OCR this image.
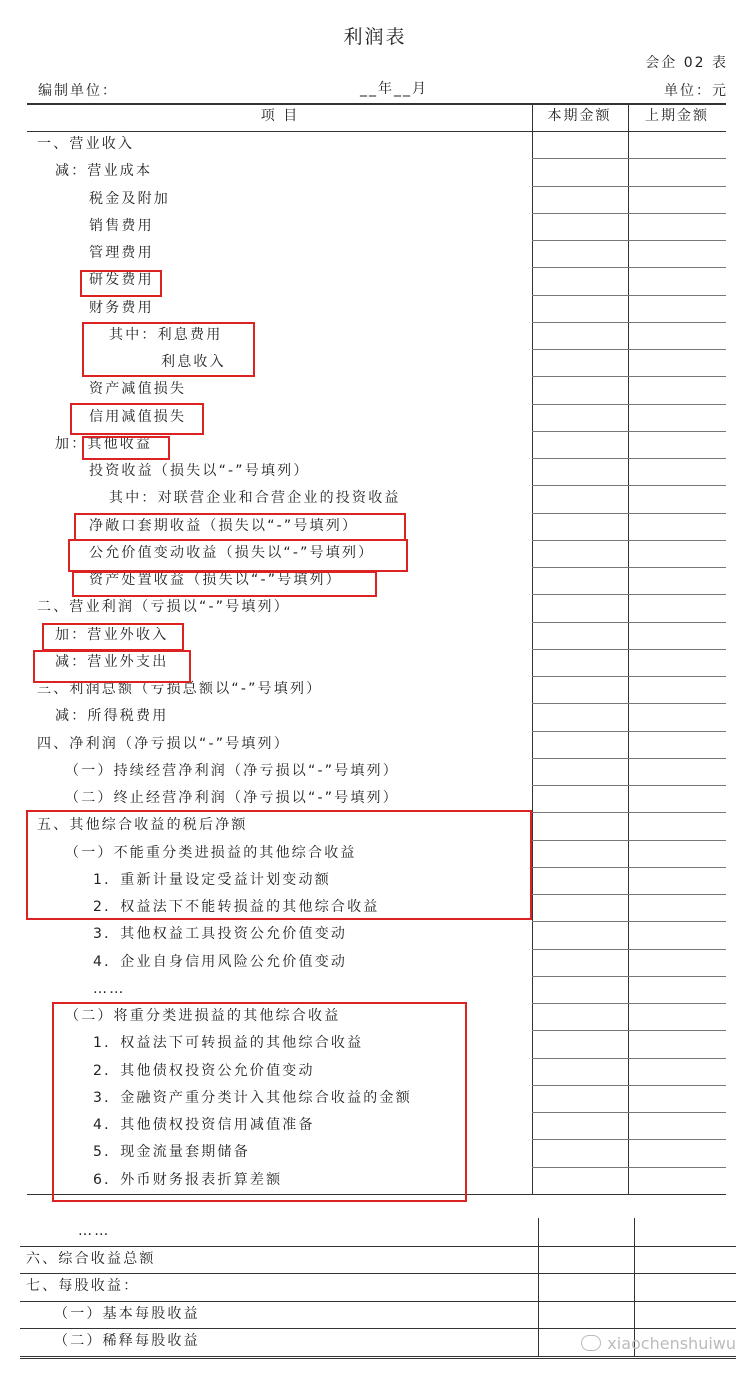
利润表
会企 02 表
编制单位：	__年__月	单位：元
项 目	本期金额	上期金额
一、营业收入
减：营业成本
税金及附加
销售费用
管理费用
研发费用
财务费用
其中：利息费用
利息收入
资产减值损失
信用减值损失
加：其他收益
投资收益（损失以“-”号填列）
其中：对联营企业和合营企业的投资收益
净敞口套期收益（损失以“-”号填列）
公允价值变动收益（损失以“-”号填列）
资产处置收益（损失以“-”号填列）
二、营业利润（亏损以“-”号填列）
加：营业外收入
减：营业外支出
三、利润总额（亏损总额以“-”号填列）
减：所得税费用
四、净利润（净亏损以“-”号填列）
（一）持续经营净利润（净亏损以“-”号填列）
（二）终止经营净利润（净亏损以“-”号填列）
五、其他综合收益的税后净额
（一）不能重分类进损益的其他综合收益
1．重新计量设定受益计划变动额
2．权益法下不能转损益的其他综合收益
3．其他权益工具投资公允价值变动
4．企业自身信用风险公允价值变动
……
（二）将重分类进损益的其他综合收益
1．权益法下可转损益的其他综合收益
2．其他债权投资公允价值变动
3．金融资产重分类计入其他综合收益的金额
4．其他债权投资信用减值准备
5．现金流量套期储备
6．外币财务报表折算差额
……
六、综合收益总额
七、每股收益：
（一）基本每股收益
（二）稀释每股收益	xiaochenshuiwu
